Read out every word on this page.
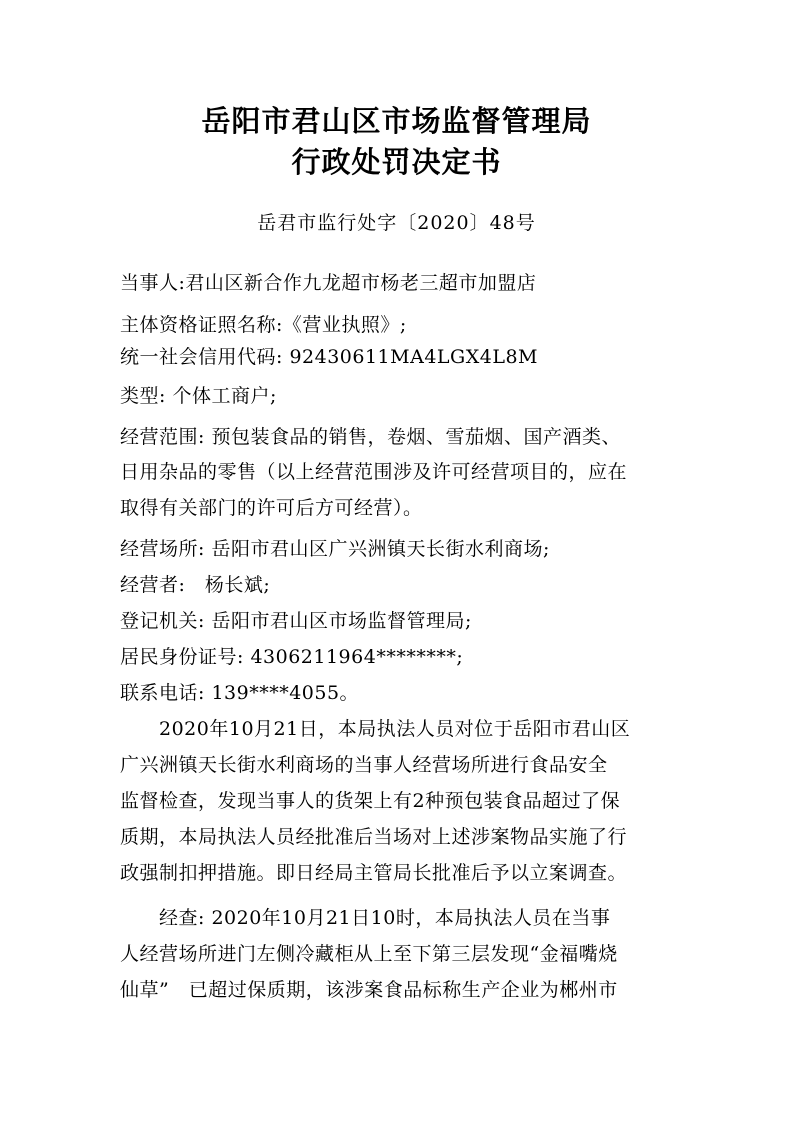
岳阳市君山区市场监督管理局
行政处罚决定书
岳君市监行处字〔2020〕48号
当事人:君山区新合作九龙超市杨老三超市加盟店
主体资格证照名称:《营业执照》;
统一社会信用代码: 92430611MA4LGX4L8M
类型: 个体工商户;
经营范围: 预包装食品的销售，卷烟、雪茄烟、国产酒类、
日用杂品的零售（以上经营范围涉及许可经营项目的，应在
取得有关部门的许可后方可经营）。
经营场所: 岳阳市君山区广兴洲镇天长街水利商场;
经营者:　杨长斌;
登记机关: 岳阳市君山区市场监督管理局;
居民身份证号: 4306211964********;
联系电话: 139****4055。
2020年10月21日，本局执法人员对位于岳阳市君山区
广兴洲镇天长街水利商场的当事人经营场所进行食品安全
监督检查，发现当事人的货架上有2种预包装食品超过了保
质期，本局执法人员经批准后当场对上述涉案物品实施了行
政强制扣押措施。即日经局主管局长批准后予以立案调查。
经查: 2020年10月21日10时，本局执法人员在当事
人经营场所进门左侧冷藏柜从上至下第三层发现“金福嘴烧
仙草”　已超过保质期，该涉案食品标称生产企业为郴州市
